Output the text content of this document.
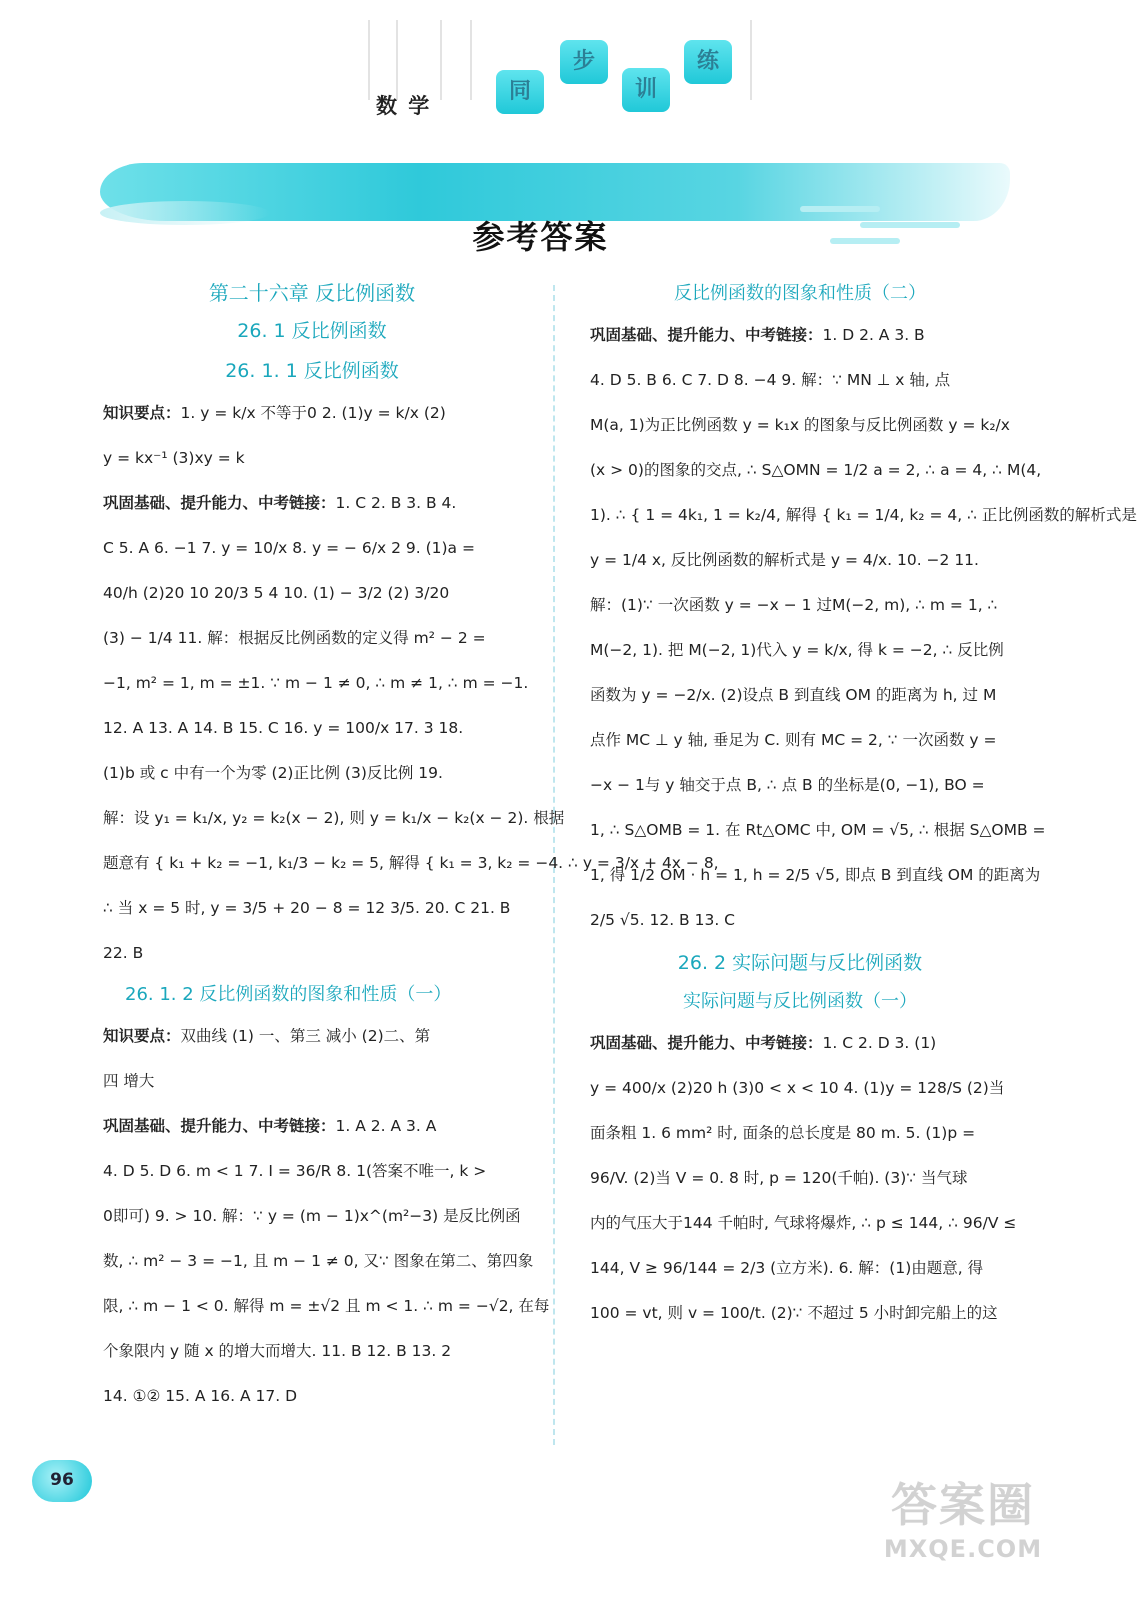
数 学
同
步
训
练
参考答案
第二十六章 反比例函数
26. 1 反比例函数
26. 1. 1 反比例函数

知识要点：1. y = k/x 不等于0 2. (1)y = k/x (2)

y = kx⁻¹ (3)xy = k

巩固基础、提升能力、中考链接：1. C 2. B 3. B 4.

C 5. A 6. −1 7. y = 10/x 8. y = − 6/x 2 9. (1)a =

40/h (2)20 10 20/3 5 4 10. (1) − 3/2 (2) 3/20

(3) − 1/4 11. 解：根据反比例函数的定义得 m² − 2 =

−1, m² = 1, m = ±1. ∵ m − 1 ≠ 0, ∴ m ≠ 1, ∴ m = −1.

12. A 13. A 14. B 15. C 16. y = 100/x 17. 3 18.

(1)b 或 c 中有一个为零 (2)正比例 (3)反比例 19.

解：设 y₁ = k₁/x, y₂ = k₂(x − 2), 则 y = k₁/x − k₂(x − 2). 根据

题意有 { k₁ + k₂ = −1, k₁/3 − k₂ = 5, 解得 { k₁ = 3, k₂ = −4. ∴ y = 3/x + 4x − 8,

∴ 当 x = 5 时, y = 3/5 + 20 − 8 = 12 3/5. 20. C 21. B

22. B

26. 1. 2 反比例函数的图象和性质（一）

知识要点：双曲线 (1) 一、第三 减小 (2)二、第

四 增大

巩固基础、提升能力、中考链接：1. A 2. A 3. A

4. D 5. D 6. m < 1 7. I = 36/R 8. 1(答案不唯一, k >

0即可) 9. > 10. 解：∵ y = (m − 1)x^(m²−3) 是反比例函

数, ∴ m² − 3 = −1, 且 m − 1 ≠ 0, 又∵ 图象在第二、第四象

限, ∴ m − 1 < 0. 解得 m = ±√2 且 m < 1. ∴ m = −√2, 在每

个象限内 y 随 x 的增大而增大. 11. B 12. B 13. 2

14. ①② 15. A 16. A 17. D

反比例函数的图象和性质（二）

巩固基础、提升能力、中考链接：1. D 2. A 3. B

4. D 5. B 6. C 7. D 8. −4 9. 解：∵ MN ⊥ x 轴, 点

M(a, 1)为正比例函数 y = k₁x 的图象与反比例函数 y = k₂/x

(x > 0)的图象的交点, ∴ S△OMN = 1/2 a = 2, ∴ a = 4, ∴ M(4,

1). ∴ { 1 = 4k₁, 1 = k₂/4, 解得 { k₁ = 1/4, k₂ = 4, ∴ 正比例函数的解析式是

y = 1/4 x, 反比例函数的解析式是 y = 4/x. 10. −2 11.

解：(1)∵ 一次函数 y = −x − 1 过M(−2, m), ∴ m = 1, ∴

M(−2, 1). 把 M(−2, 1)代入 y = k/x, 得 k = −2, ∴ 反比例

函数为 y = −2/x. (2)设点 B 到直线 OM 的距离为 h, 过 M

点作 MC ⊥ y 轴, 垂足为 C. 则有 MC = 2, ∵ 一次函数 y =

−x − 1与 y 轴交于点 B, ∴ 点 B 的坐标是(0, −1), BO =

1, ∴ S△OMB = 1. 在 Rt△OMC 中, OM = √5, ∴ 根据 S△OMB =

1, 得 1/2 OM · h = 1, h = 2/5 √5, 即点 B 到直线 OM 的距离为

2/5 √5. 12. B 13. C

26. 2 实际问题与反比例函数
实际问题与反比例函数（一）

巩固基础、提升能力、中考链接：1. C 2. D 3. (1)

y = 400/x (2)20 h (3)0 < x < 10 4. (1)y = 128/S (2)当

面条粗 1. 6 mm² 时, 面条的总长度是 80 m. 5. (1)p =

96/V. (2)当 V = 0. 8 时, p = 120(千帕). (3)∵ 当气球

内的气压大于144 千帕时, 气球将爆炸, ∴ p ≤ 144, ∴ 96/V ≤

144, V ≥ 96/144 = 2/3 (立方米). 6. 解：(1)由题意, 得

100 = vt, 则 v = 100/t. (2)∵ 不超过 5 小时卸完船上的这

96	答案圈
MXQE.COM
